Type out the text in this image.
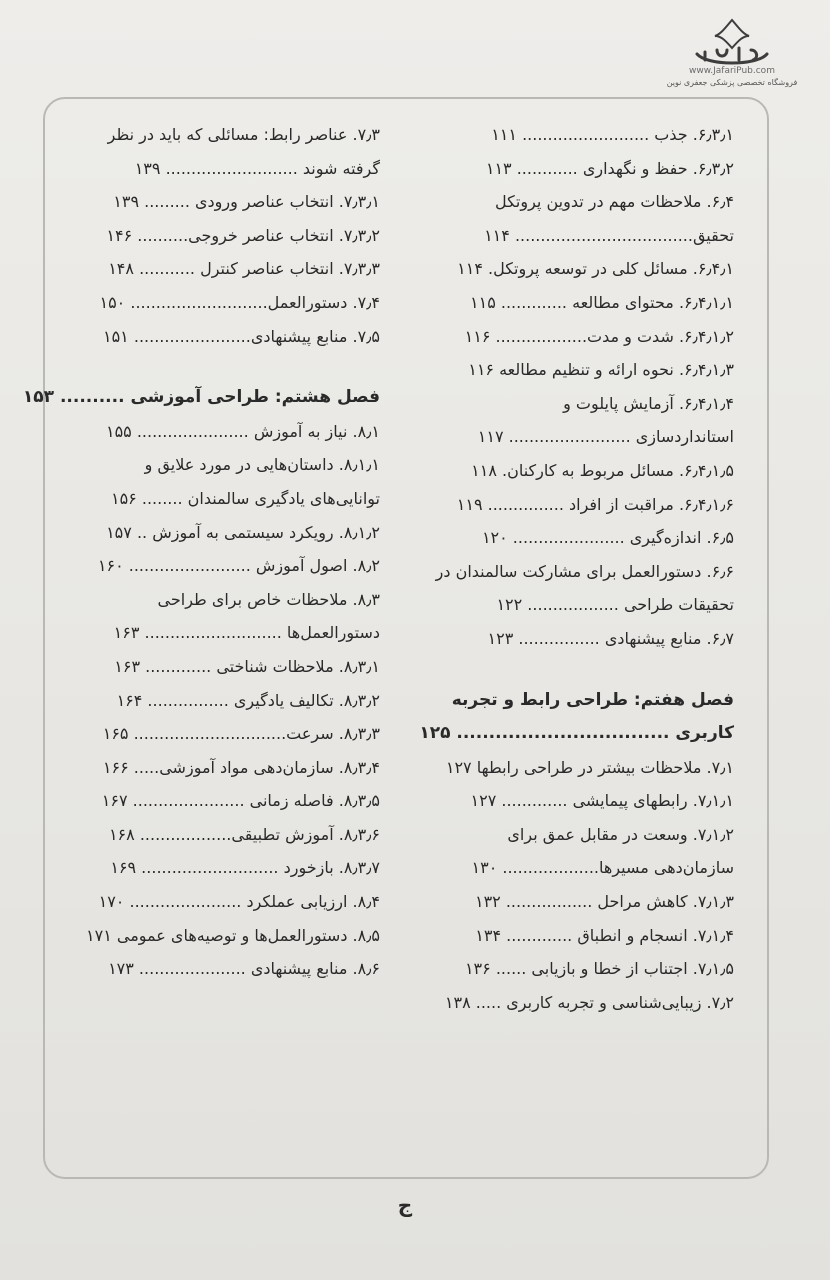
www.JafariPub.com
فروشگاه تخصصی پزشکی جعفری نوین
۶٫۳٫۱. جذب ......................... ۱۱۱
۶٫۳٫۲. حفظ و نگهداری ............ ۱۱۳
۶٫۴. ملاحظات مهم در تدوین پروتکل
تحقیق................................... ۱۱۴
۶٫۴٫۱. مسائل کلی در توسعه پروتکل. ۱۱۴
۶٫۴٫۱٫۱. محتوای مطالعه ............. ۱۱۵
۶٫۴٫۱٫۲. شدت و مدت.................. ۱۱۶
۶٫۴٫۱٫۳. نحوه ارائه و تنظیم مطالعه ۱۱۶
۶٫۴٫۱٫۴. آزمایش پایلوت و
استانداردسازی ........................ ۱۱۷
۶٫۴٫۱٫۵. مسائل مربوط به کارکنان. ۱۱۸
۶٫۴٫۱٫۶. مراقبت از افراد ............... ۱۱۹
۶٫۵. اندازه‌گیری ...................... ۱۲۰
۶٫۶. دستورالعمل برای مشارکت سالمندان در
تحقیقات طراحی .................. ۱۲۲
۶٫۷. منابع پیشنهادی ................ ۱۲۳
فصل هفتم: طراحی رابط و تجربه
کاربری ................................. ۱۲۵
۷٫۱. ملاحظات بیشتر در طراحی رابطها ۱۲۷
۷٫۱٫۱. رابطهای پیمایشی ............. ۱۲۷
۷٫۱٫۲. وسعت در مقابل عمق برای
سازمان‌دهی مسیرها................... ۱۳۰
۷٫۱٫۳. کاهش مراحل ................. ۱۳۲
۷٫۱٫۴. انسجام و انطباق ............. ۱۳۴
۷٫۱٫۵. اجتناب از خطا و بازیابی ...... ۱۳۶
۷٫۲. زیبایی‌شناسی و تجربه کاربری ..... ۱۳۸
۷٫۳. عناصر رابط: مسائلی که باید در نظر
گرفته شوند .......................... ۱۳۹
۷٫۳٫۱. انتخاب عناصر ورودی ......... ۱۳۹
۷٫۳٫۲. انتخاب عناصر خروجی.......... ۱۴۶
۷٫۳٫۳. انتخاب عناصر کنترل ........... ۱۴۸
۷٫۴. دستورالعمل........................... ۱۵۰
۷٫۵. منابع پیشنهادی....................... ۱۵۱
فصل هشتم: طراحی آموزشی .......... ۱۵۳
۸٫۱. نیاز به آموزش ...................... ۱۵۵
۸٫۱٫۱. داستان‌هایی در مورد علایق و
توانایی‌های یادگیری سالمندان ........ ۱۵۶
۸٫۱٫۲. رویکرد سیستمی به آموزش .. ۱۵۷
۸٫۲. اصول آموزش ........................ ۱۶۰
۸٫۳. ملاحظات خاص برای طراحی
دستورالعمل‌ها ........................... ۱۶۳
۸٫۳٫۱. ملاحظات شناختی ............. ۱۶۳
۸٫۳٫۲. تکالیف یادگیری ................ ۱۶۴
۸٫۳٫۳. سرعت.............................. ۱۶۵
۸٫۳٫۴. سازمان‌دهی مواد آموزشی..... ۱۶۶
۸٫۳٫۵. فاصله زمانی ...................... ۱۶۷
۸٫۳٫۶. آموزش تطبیقی.................. ۱۶۸
۸٫۳٫۷. بازخورد ........................... ۱۶۹
۸٫۴. ارزیابی عملکرد ...................... ۱۷۰
۸٫۵. دستورالعمل‌ها و توصیه‌های عمومی ۱۷۱
۸٫۶. منابع پیشنهادی ..................... ۱۷۳
ج
